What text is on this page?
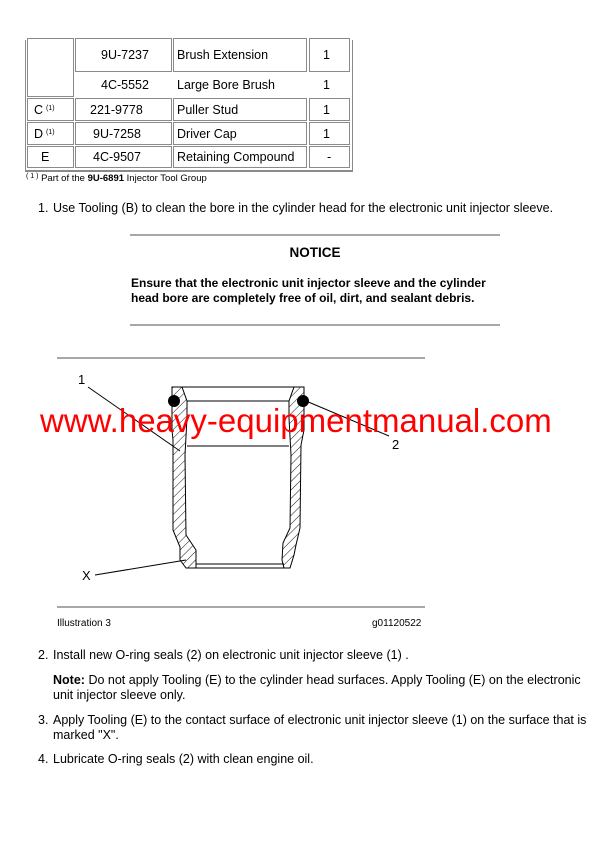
9U-7237 Brush Extension	1
4C-5552 Large Bore Brush	1
C $^{(1)}$	221-9778	Puller Stud	1
D $^{(1)}$	9U-7258	Driver Cap	1
E	4C-9507	Retaining Compound	-
$^{( 1 )}$ Part of the 9U-6891 Injector Tool Group
1. Use Tooling (B) to clean the bore in the cylinder head for the electronic unit injector sleeve.
NOTICE
Ensure that the electronic unit injector sleeve and the cylinder
head bore are completely free of oil, dirt, and sealant debris.
1
2
X
www.heavy-equipmentmanual.com
Illustration 3	g01120522
2. Install new O-ring seals (2) on electronic unit injector sleeve (1) .
Note: Do not apply Tooling (E) to the cylinder head surfaces. Apply Tooling (E) on the electronic
unit injector sleeve only.
3. Apply Tooling (E) to the contact surface of electronic unit injector sleeve (1) on the surface that is
marked "X".
4. Lubricate O-ring seals (2) with clean engine oil.
